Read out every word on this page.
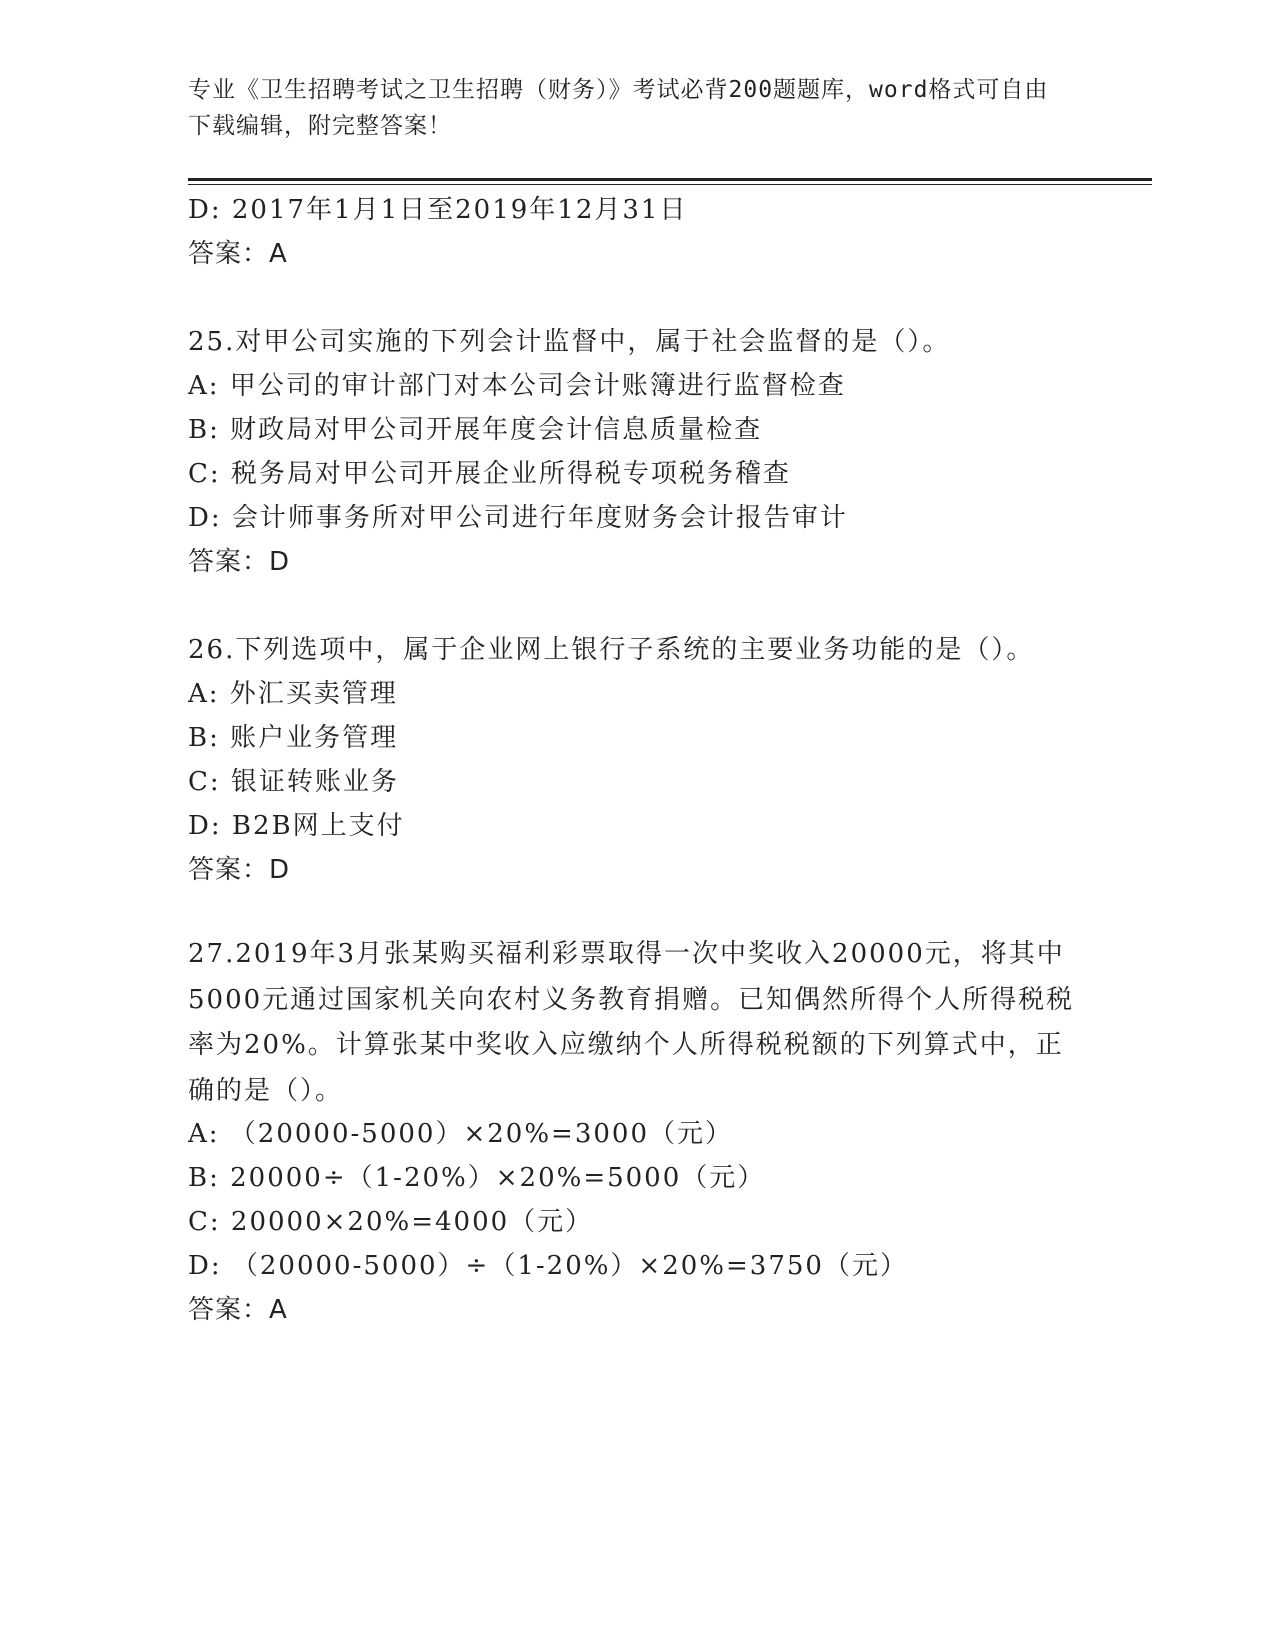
专业《卫生招聘考试之卫生招聘（财务）》考试必背200题题库，word格式可自由下载编辑，附完整答案！
D: 2017年1月1日至2019年12月31日
答案：A
25.对甲公司实施的下列会计监督中，属于社会监督的是（）。
A: 甲公司的审计部门对本公司会计账簿进行监督检查
B: 财政局对甲公司开展年度会计信息质量检查
C: 税务局对甲公司开展企业所得税专项税务稽查
D: 会计师事务所对甲公司进行年度财务会计报告审计
答案：D
26.下列选项中，属于企业网上银行子系统的主要业务功能的是（）。
A: 外汇买卖管理
B: 账户业务管理
C: 银证转账业务
D: B2B网上支付
答案：D
27.2019年3月张某购买福利彩票取得一次中奖收入20000元，将其中5000元通过国家机关向农村义务教育捐赠。已知偶然所得个人所得税税率为20%。计算张某中奖收入应缴纳个人所得税税额的下列算式中，正确的是（）。
A: （20000-5000）×20%=3000（元）
B: 20000÷（1-20%）×20%=5000（元）
C: 20000×20%=4000（元）
D: （20000-5000）÷（1-20%）×20%=3750（元）
答案：A
